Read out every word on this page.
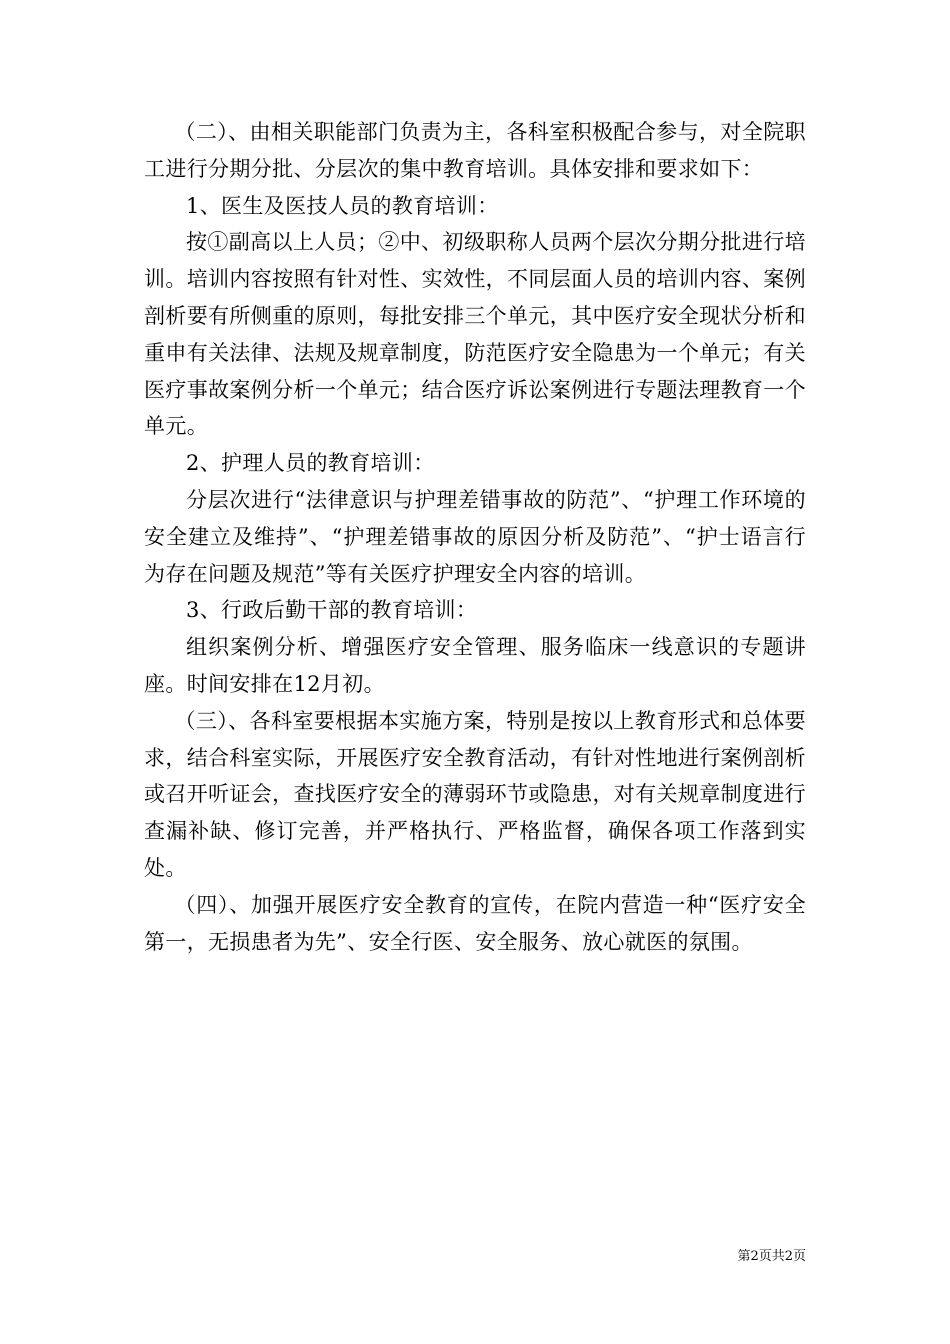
（二）、由相关职能部门负责为主，各科室积极配合参与，对全院职工进行分期分批、分层次的集中教育培训。具体安排和要求如下：

1、医生及医技人员的教育培训：

按①副高以上人员；②中、初级职称人员两个层次分期分批进行培训。培训内容按照有针对性、实效性，不同层面人员的培训内容、案例剖析要有所侧重的原则，每批安排三个单元，其中医疗安全现状分析和重申有关法律、法规及规章制度，防范医疗安全隐患为一个单元；有关医疗事故案例分析一个单元；结合医疗诉讼案例进行专题法理教育一个单元。

2、护理人员的教育培训：

分层次进行“法律意识与护理差错事故的防范”、“护理工作环境的安全建立及维持”、“护理差错事故的原因分析及防范”、“护士语言行为存在问题及规范”等有关医疗护理安全内容的培训。

3、行政后勤干部的教育培训：

组织案例分析、增强医疗安全管理、服务临床一线意识的专题讲座。时间安排在12月初。

（三）、各科室要根据本实施方案，特别是按以上教育形式和总体要求，结合科室实际，开展医疗安全教育活动，有针对性地进行案例剖析或召开听证会，查找医疗安全的薄弱环节或隐患，对有关规章制度进行查漏补缺、修订完善，并严格执行、严格监督，确保各项工作落到实处。

（四）、加强开展医疗安全教育的宣传，在院内营造一种“医疗安全第一，无损患者为先”、安全行医、安全服务、放心就医的氛围。

第2页共2页
